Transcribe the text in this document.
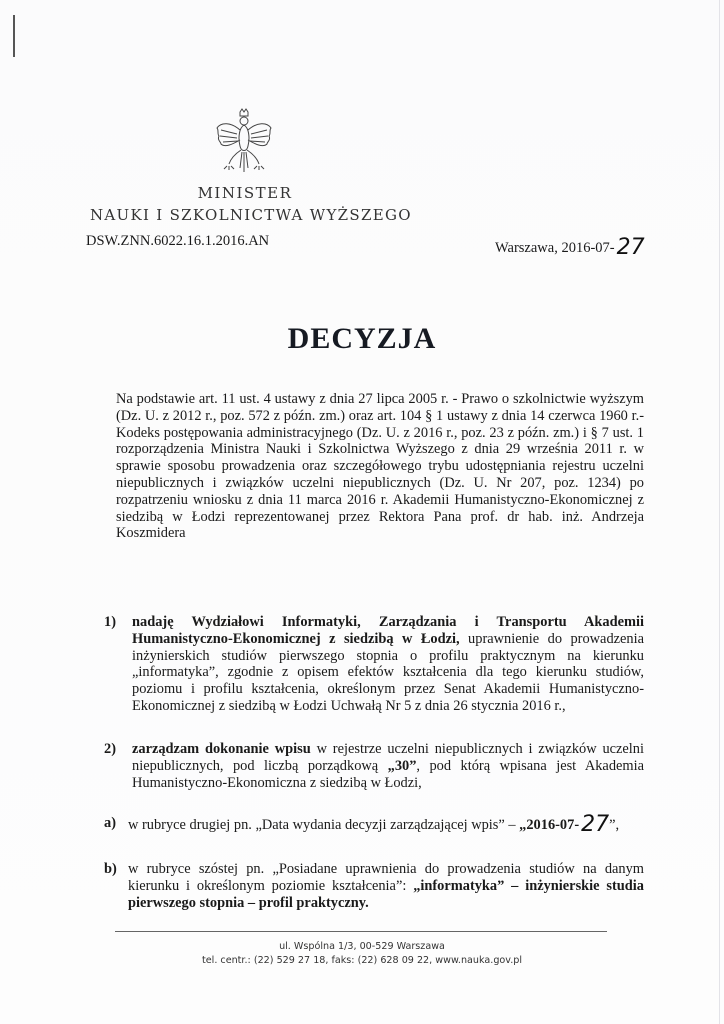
MINISTER
NAUKI I SZKOLNICTWA WYŻSZEGO
DSW.ZNN.6022.16.1.2016.AN	Warszawa, 2016-07-27
DECYZJA
Na podstawie art. 11 ust. 4 ustawy z dnia 27 lipca 2005 r. - Prawo o szkolnictwie wyższym (Dz. U. z 2012 r., poz. 572 z późn. zm.) oraz art. 104 § 1 ustawy z dnia 14 czerwca 1960 r.- Kodeks postępowania administracyjnego (Dz. U. z 2016 r., poz. 23 z późn. zm.) i § 7 ust. 1 rozporządzenia Ministra Nauki i Szkolnictwa Wyższego z dnia 29 września 2011 r. w sprawie sposobu prowadzenia oraz szczegółowego trybu udostępniania rejestru uczelni niepublicznych i związków uczelni niepublicznych (Dz. U. Nr 207, poz. 1234) po rozpatrzeniu wniosku z dnia 11 marca 2016 r. Akademii Humanistyczno-Ekonomicznej z siedzibą w Łodzi reprezentowanej przez Rektora Pana prof. dr hab. inż. Andrzeja Koszmidera
1) nadaję Wydziałowi Informatyki, Zarządzania i Transportu Akademii Humanistyczno-Ekonomicznej z siedzibą w Łodzi, uprawnienie do prowadzenia inżynierskich studiów pierwszego stopnia o profilu praktycznym na kierunku „informatyka”, zgodnie z opisem efektów kształcenia dla tego kierunku studiów, poziomu i profilu kształcenia, określonym przez Senat Akademii Humanistyczno-Ekonomicznej z siedzibą w Łodzi Uchwałą Nr 5 z dnia 26 stycznia 2016 r.,
2) zarządzam dokonanie wpisu w rejestrze uczelni niepublicznych i związków uczelni niepublicznych, pod liczbą porządkową „30”, pod którą wpisana jest Akademia Humanistyczno-Ekonomiczna z siedzibą w Łodzi,
a) w rubryce drugiej pn. „Data wydania decyzji zarządzającej wpis” – „2016-07-27”,
b) w rubryce szóstej pn. „Posiadane uprawnienia do prowadzenia studiów na danym kierunku i określonym poziomie kształcenia”: „informatyka” – inżynierskie studia pierwszego stopnia – profil praktyczny.
ul. Wspólna 1/3, 00-529 Warszawa
tel. centr.: (22) 529 27 18, faks: (22) 628 09 22, www.nauka.gov.pl
